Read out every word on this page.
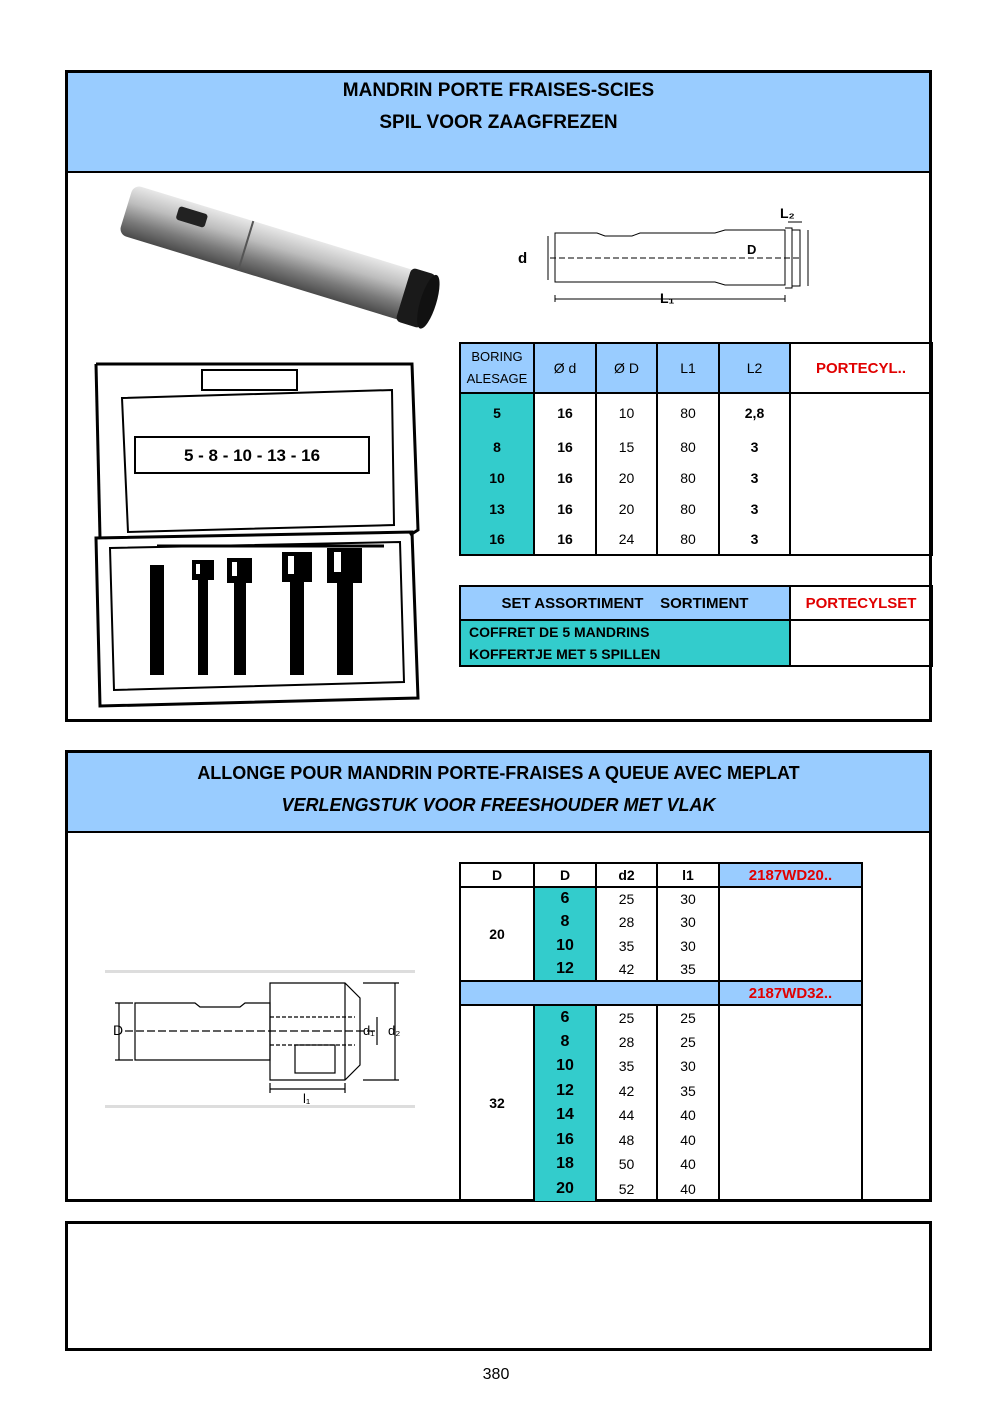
MANDRIN PORTE FRAISES-SCIES
SPIL VOOR ZAAGFREZEN
5 - 8 - 10 - 13 - 16
d
D
L₁
L₂
BORING
ALESAGE	Ø d	Ø D	L1	L2	PORTECYL..
5	16	10	80	2,8	
8	16	15	80	3	
10	16	20	80	3	
13	16	20	80	3	
16	16	24	80	3	
SET ASSORTIMENT    SORTIMENT	PORTECYLSET

COFFRET DE 5 MANDRINS
KOFFERTJE MET 5 SPILLEN	

ALLONGE POUR MANDRIN PORTE-FRAISES A QUEUE AVEC MEPLAT
VERLENGSTUK VOOR FREESHOUDER MET VLAK
D	d₁ d₂
l₁
D	D	d2	l1	2187WD20..
20	6	25	30	
	8	28	30	
	10	35	30	
	12	42	35	
				2187WD32..
32	6	25	25	
	8	28	25	
	10	35	30	
	12	42	35	
	14	44	40	
	16	48	40	
	18	50	40	
	20	52	40	
380
